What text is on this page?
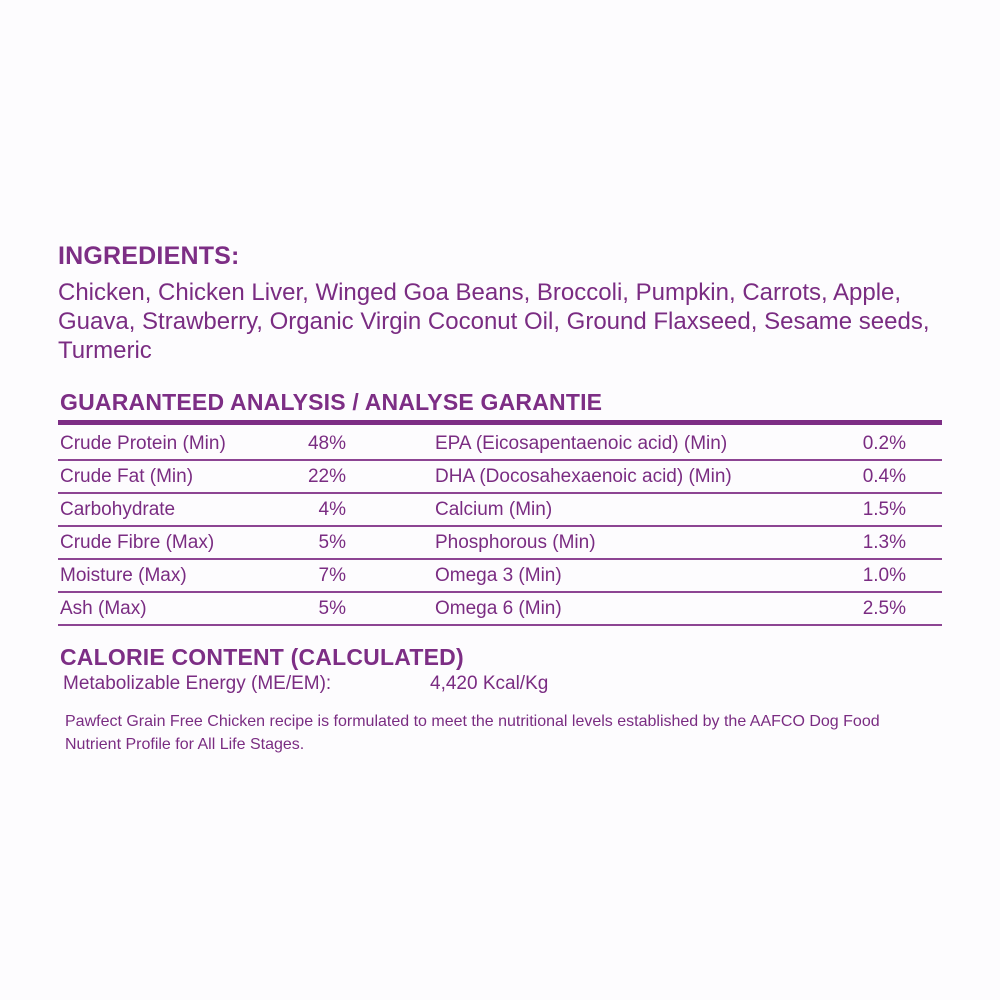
INGREDIENTS:
Chicken, Chicken Liver, Winged Goa Beans, Broccoli, Pumpkin, Carrots, Apple, Guava, Strawberry, Organic Virgin Coconut Oil, Ground Flaxseed, Sesame seeds, Turmeric
GUARANTEED ANALYSIS / ANALYSE GARANTIE
Crude Protein (Min)	48%	EPA (Eicosapentaenoic acid) (Min)	0.2%
Crude Fat (Min)	22%	DHA (Docosahexaenoic acid) (Min)	0.4%
Carbohydrate	4%	Calcium (Min)	1.5%
Crude Fibre (Max)	5%	Phosphorous (Min)	1.3%
Moisture (Max)	7%	Omega 3 (Min)	1.0%
Ash (Max)	5%	Omega 6 (Min)	2.5%
CALORIE CONTENT (CALCULATED)
Metabolizable Energy (ME/EM):	4,420 Kcal/Kg
Pawfect Grain Free Chicken recipe is formulated to meet the nutritional levels established by the AAFCO Dog Food Nutrient Profile for All Life Stages.
